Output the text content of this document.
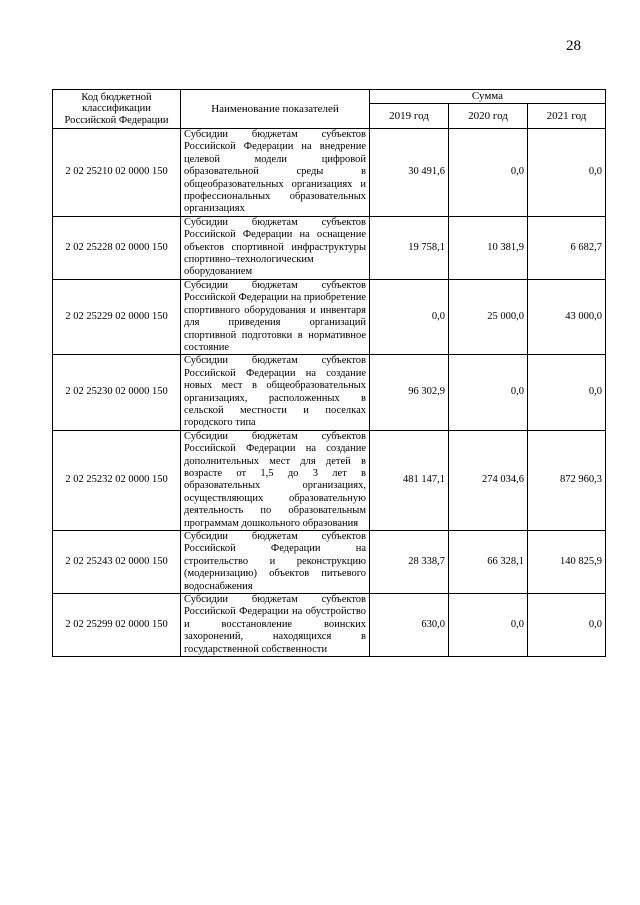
28
Код бюджетной классификации Российской Федерации	Наименование показателей	Сумма		
		2019 год	2020 год	2021 год
2 02 25210 02 0000 150	Субсидии бюджетам субъектов Российской Федерации на внедрение целевой модели цифровой образовательной среды в общеобразовательных организациях и профессиональных образовательных организациях	30 491,6	0,0	0,0
2 02 25228 02 0000 150	Субсидии бюджетам субъектов Российской Федерации на оснащение объектов спортивной инфраструктуры спортивно–технологическим оборудованием	19 758,1	10 381,9	6 682,7
2 02 25229 02 0000 150	Субсидии бюджетам субъектов Российской Федерации на приобретение спортивного оборудования и инвентаря для приведения организаций спортивной подготовки в нормативное состояние	0,0	25 000,0	43 000,0
2 02 25230 02 0000 150	Субсидии бюджетам субъектов Российской Федерации на создание новых мест в общеобразовательных организациях, расположенных в сельской местности и поселках городского типа	96 302,9	0,0	0,0
2 02 25232 02 0000 150	Субсидии бюджетам субъектов Российской Федерации на создание дополнительных мест для детей в возрасте от 1,5 до 3 лет в образовательных организациях, осуществляющих образовательную деятельность по образовательным программам дошкольного образования	481 147,1	274 034,6	872 960,3
2 02 25243 02 0000 150	Субсидии бюджетам субъектов Российской Федерации на строительство и реконструкцию (модернизацию) объектов питьевого водоснабжения	28 338,7	66 328,1	140 825,9
2 02 25299 02 0000 150	Субсидии бюджетам субъектов Российской Федерации на обустройство и восстановление воинских захоронений, находящихся в государственной собственности	630,0	0,0	0,0
